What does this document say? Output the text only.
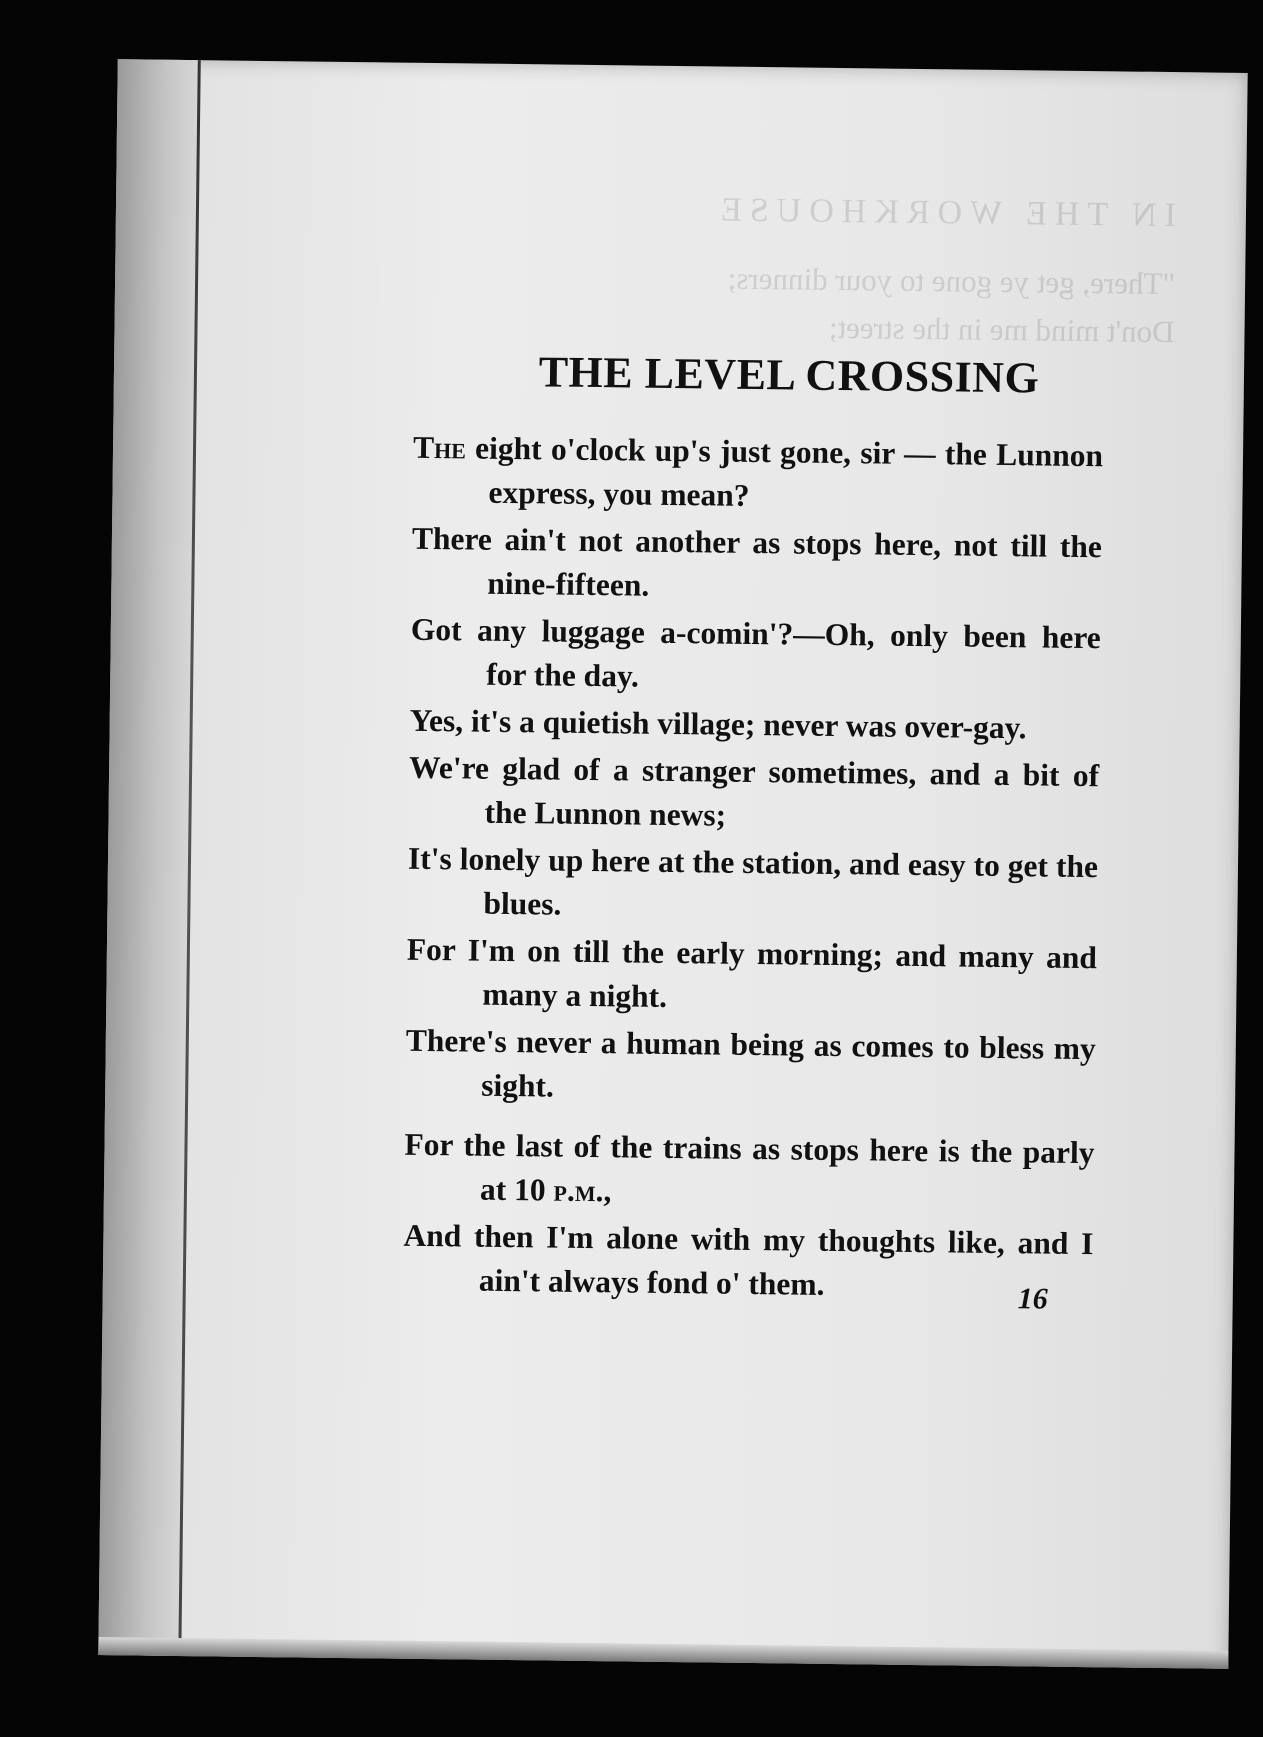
IN THE WORKHOUSE
"There, get ye gone to your dinners;
Don't mind me in the street;
THE LEVEL CROSSING

The eight o'clock up's just gone, sir — the Lunnon express, you mean?

There ain't not another as stops here, not till the nine-fifteen.

Got any luggage a-comin'?—Oh, only been here for the day.

Yes, it's a quietish village; never was over-gay.

We're glad of a stranger sometimes, and a bit of the Lunnon news;

It's lonely up here at the station, and easy to get the blues.

For I'm on till the early morning; and many and many a night.

There's never a human being as comes to bless my sight.

For the last of the trains as stops here is the parly at 10 p.m.,

And then I'm alone with my thoughts like, and I ain't always fond o' them.	16
